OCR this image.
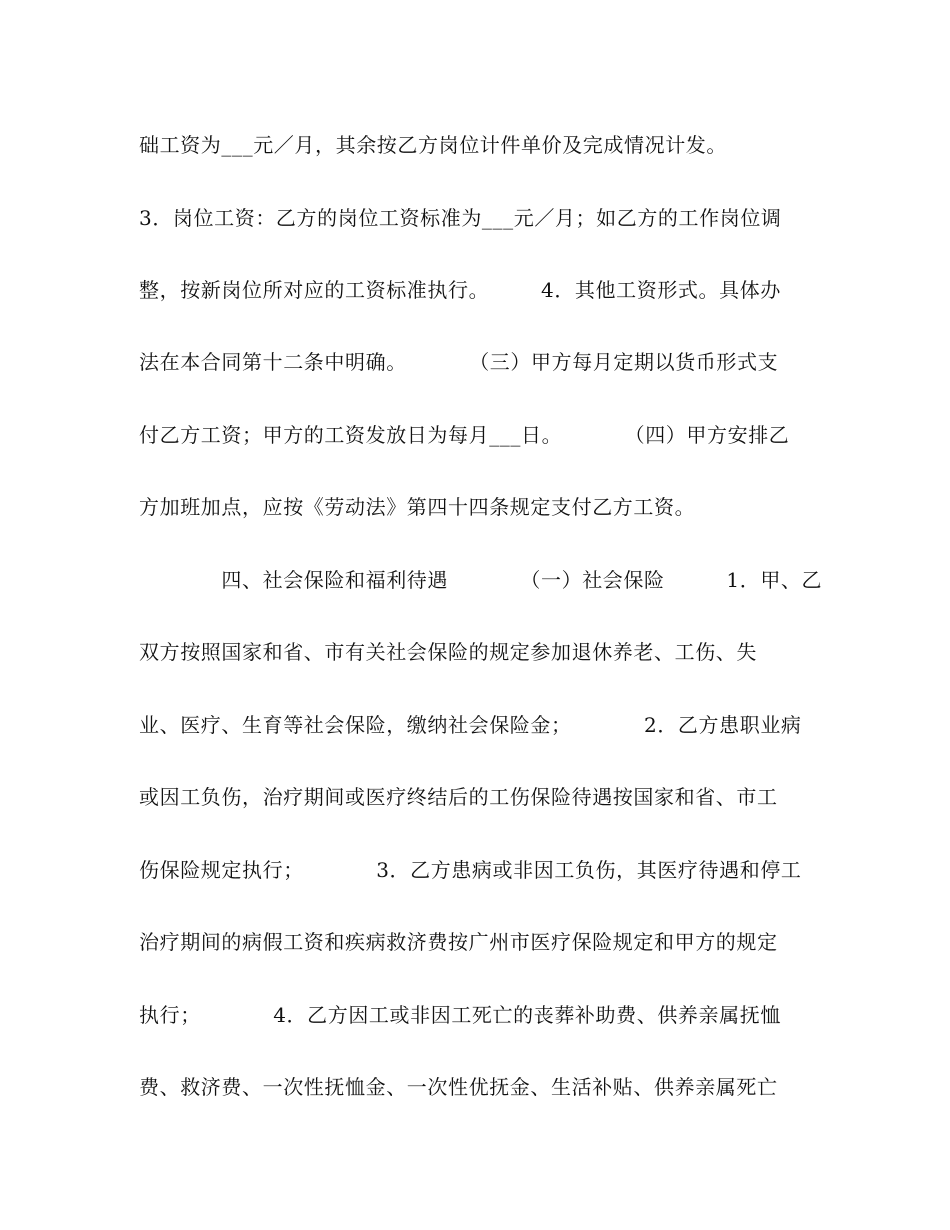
础工资为___元／月，其余按乙方岗位计件单价及完成情况计发。
3．岗位工资：乙方的岗位工资标准为___元／月；如乙方的工作岗位调
整，按新岗位所对应的工资标准执行。　　　4．其他工资形式。具体办
法在本合同第十二条中明确。　　　　（三）甲方每月定期以货币形式支
付乙方工资；甲方的工资发放日为每月___日。　　　　（四）甲方安排乙
方加班加点，应按《劳动法》第四十四条规定支付乙方工资。
　　　　四、社会保险和福利待遇　　　　（一）社会保险　　　1．甲、乙
双方按照国家和省、市有关社会保险的规定参加退休养老、工伤、失
业、医疗、生育等社会保险，缴纳社会保险金；　　　　2．乙方患职业病
或因工负伤，治疗期间或医疗终结后的工伤保险待遇按国家和省、市工
伤保险规定执行；　　　　3．乙方患病或非因工负伤，其医疗待遇和停工
治疗期间的病假工资和疾病救济费按广州市医疗保险规定和甲方的规定
执行；　　　　4．乙方因工或非因工死亡的丧葬补助费、供养亲属抚恤
费、救济费、一次性抚恤金、一次性优抚金、生活补贴、供养亲属死亡
